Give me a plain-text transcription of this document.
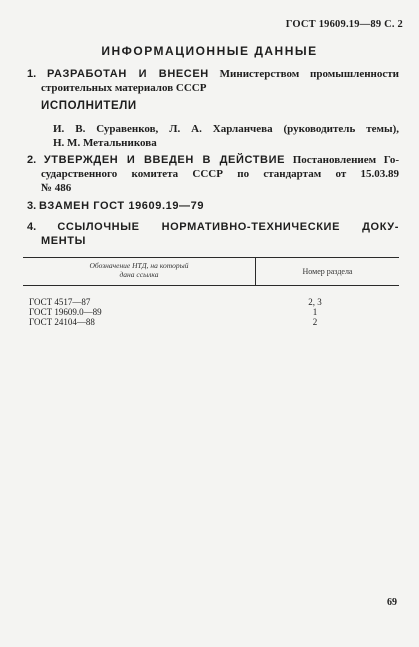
ГОСТ 19609.19—89 С. 2
ИНФОРМАЦИОННЫЕ ДАННЫЕ
1. РАЗРАБОТАН И ВНЕСЕН Министерством промышленности
строительных материалов СССР
ИСПОЛНИТЕЛИ
И. В. Суравенков, Л. А. Харланчева (руководитель темы),
Н. М. Метальникова
2. УТВЕРЖДЕН И ВВЕДЕН В ДЕЙСТВИЕ Постановлением Го-
сударственного комитета СССР по стандартам от 15.03.89
№ 486
3. ВЗАМЕН ГОСТ 19609.19—79
4. ССЫЛОЧНЫЕ НОРМАТИВНО-ТЕХНИЧЕСКИЕ ДОКУ-
МЕНТЫ
Обозначение НТД, на который
дана ссылка	Номер раздела
ГОСТ 4517—87	2, 3
ГОСТ 19609.0—89	1
ГОСТ 24104—88	2
69
